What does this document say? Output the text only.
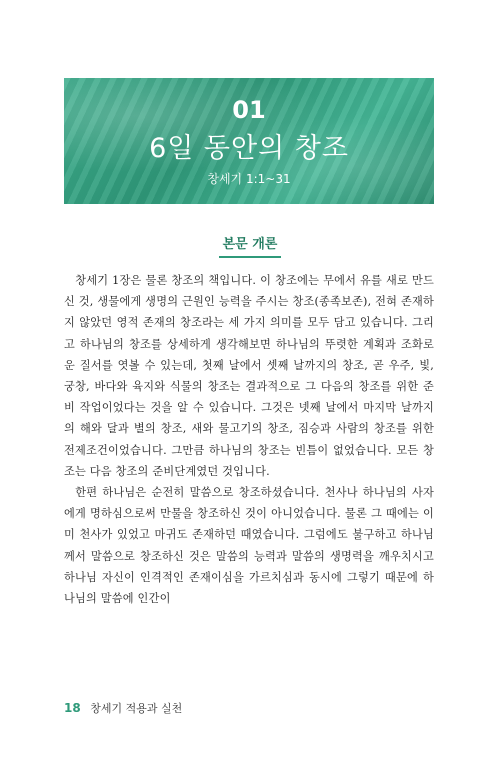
01
6일 동안의 창조
창세기 1:1~31
본문 개론

창세기 1장은 물론 창조의 책입니다. 이 창조에는 무에서 유를 새로 만드신 것, 생물에게 생명의 근원인 능력을 주시는 창조(종족보존), 전혀 존재하지 않았던 영적 존재의 창조라는 세 가지 의미를 모두 담고 있습니다. 그리고 하나님의 창조를 상세하게 생각해보면 하나님의 뚜렷한 계획과 조화로운 질서를 엿볼 수 있는데, 첫째 날에서 셋째 날까지의 창조, 곧 우주, 빛, 궁창, 바다와 육지와 식물의 창조는 결과적으로 그 다음의 창조를 위한 준비 작업이었다는 것을 알 수 있습니다. 그것은 넷째 날에서 마지막 날까지의 해와 달과 별의 창조, 새와 물고기의 창조, 짐승과 사람의 창조를 위한 전제조건이었습니다. 그만큼 하나님의 창조는 빈틈이 없었습니다. 모든 창조는 다음 창조의 준비단계였던 것입니다.

한편 하나님은 순전히 말씀으로 창조하셨습니다. 천사나 하나님의 사자에게 명하심으로써 만물을 창조하신 것이 아니었습니다. 물론 그 때에는 이미 천사가 있었고 마귀도 존재하던 때였습니다. 그럼에도 불구하고 하나님께서 말씀으로 창조하신 것은 말씀의 능력과 말씀의 생명력을 깨우치시고 하나님 자신이 인격적인 존재이심을 가르치심과 동시에 그렇기 때문에 하나님의 말씀에 인간이

18 창세기 적용과 실천
